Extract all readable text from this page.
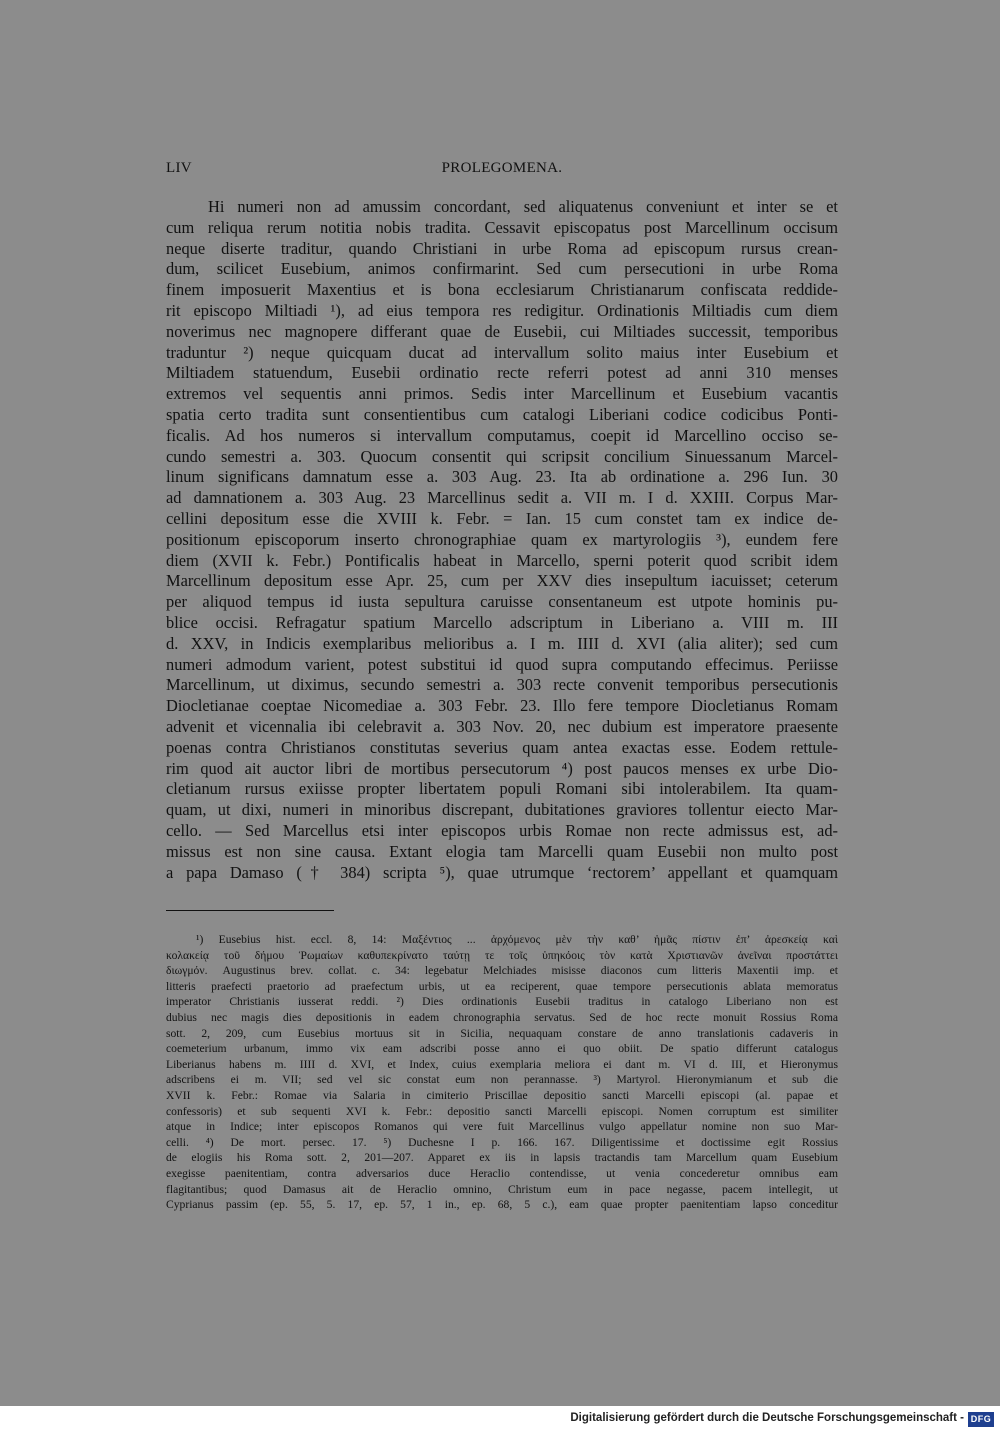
LIV	PROLEGOMENA.
Hi numeri non ad amussim concordant, sed aliquatenus conveniunt et inter se et
cum reliqua rerum notitia nobis tradita. Cessavit episcopatus post Marcellinum occisum
neque diserte traditur, quando Christiani in urbe Roma ad episcopum rursus crean-
dum, scilicet Eusebium, animos confirmarint. Sed cum persecutioni in urbe Roma
finem imposuerit Maxentius et is bona ecclesiarum Christianarum confiscata reddide-
rit episcopo Miltiadi ¹), ad eius tempora res redigitur. Ordinationis Miltiadis cum diem
noverimus nec magnopere differant quae de Eusebii, cui Miltiades successit, temporibus
traduntur ²) neque quicquam ducat ad intervallum solito maius inter Eusebium et
Miltiadem statuendum, Eusebii ordinatio recte referri potest ad anni 310 menses
extremos vel sequentis anni primos. Sedis inter Marcellinum et Eusebium vacantis
spatia certo tradita sunt consentientibus cum catalogi Liberiani codice codicibus Ponti-
ficalis. Ad hos numeros si intervallum computamus, coepit id Marcellino occiso se-
cundo semestri a. 303. Quocum consentit qui scripsit concilium Sinuessanum Marcel-
linum significans damnatum esse a. 303 Aug. 23. Ita ab ordinatione a. 296 Iun. 30
ad damnationem a. 303 Aug. 23 Marcellinus sedit a. VII m. I d. XXIII. Corpus Mar-
cellini depositum esse die XVIII k. Febr. = Ian. 15 cum constet tam ex indice de-
positionum episcoporum inserto chronographiae quam ex martyrologiis ³), eundem fere
diem (XVII k. Febr.) Pontificalis habeat in Marcello, sperni poterit quod scribit idem
Marcellinum depositum esse Apr. 25, cum per XXV dies insepultum iacuisset; ceterum
per aliquod tempus id iusta sepultura caruisse consentaneum est utpote hominis pu-
blice occisi. Refragatur spatium Marcello adscriptum in Liberiano a. VIII m. III
d. XXV, in Indicis exemplaribus melioribus a. I m. IIII d. XVI (alia aliter); sed cum
numeri admodum varient, potest substitui id quod supra computando effecimus. Periisse
Marcellinum, ut diximus, secundo semestri a. 303 recte convenit temporibus persecutionis
Diocletianae coeptae Nicomediae a. 303 Febr. 23. Illo fere tempore Diocletianus Romam
advenit et vicennalia ibi celebravit a. 303 Nov. 20, nec dubium est imperatore praesente
poenas contra Christianos constitutas severius quam antea exactas esse. Eodem rettule-
rim quod ait auctor libri de mortibus persecutorum ⁴) post paucos menses ex urbe Dio-
cletianum rursus exiisse propter libertatem populi Romani sibi intolerabilem. Ita quam-
quam, ut dixi, numeri in minoribus discrepant, dubitationes graviores tollentur eiecto Mar-
cello. — Sed Marcellus etsi inter episcopos urbis Romae non recte admissus est, ad-
missus est non sine causa. Extant elogia tam Marcelli quam Eusebii non multo post
a papa Damaso († 384) scripta ⁵), quae utrumque ‘rectorem’ appellant et quamquam
¹) Eusebius hist. eccl. 8, 14: Μαξέντιος ... ἀρχόμενος μὲν τὴν καθ’ ἡμᾶς πίστιν ἐπ’ ἀρεσκείᾳ καὶ
κολακείᾳ τοῦ δήμου Ῥωμαίων καθυπεκρίνατο ταύτῃ τε τοῖς ὑπηκόοις τὸν κατὰ Χριστιανῶν ἀνεῖναι προστάττει
διωγμόν. Augustinus brev. collat. c. 34: legebatur Melchiades misisse diaconos cum litteris Maxentii imp. et
litteris praefecti praetorio ad praefectum urbis, ut ea reciperent, quae tempore persecutionis ablata memoratus
imperator Christianis iusserat reddi. ²) Dies ordinationis Eusebii traditus in catalogo Liberiano non est
dubius nec magis dies depositionis in eadem chronographia servatus. Sed de hoc recte monuit Rossius Roma
sott. 2, 209, cum Eusebius mortuus sit in Sicilia, nequaquam constare de anno translationis cadaveris in
coemeterium urbanum, immo vix eam adscribi posse anno ei quo obiit. De spatio differunt catalogus
Liberianus habens m. IIII d. XVI, et Index, cuius exemplaria meliora ei dant m. VI d. III, et Hieronymus
adscribens ei m. VII; sed vel sic constat eum non perannasse. ³) Martyrol. Hieronymianum et sub die
XVII k. Febr.: Romae via Salaria in cimiterio Priscillae depositio sancti Marcelli episcopi (al. papae et
confessoris) et sub sequenti XVI k. Febr.: depositio sancti Marcelli episcopi. Nomen corruptum est similiter
atque in Indice; inter episcopos Romanos qui vere fuit Marcellinus vulgo appellatur nomine non suo Mar-
celli. ⁴) De mort. persec. 17. ⁵) Duchesne I p. 166. 167. Diligentissime et doctissime egit Rossius
de elogiis his Roma sott. 2, 201—207. Apparet ex iis in lapsis tractandis tam Marcellum quam Eusebium
exegisse paenitentiam, contra adversarios duce Heraclio contendisse, ut venia concederetur omnibus eam
flagitantibus; quod Damasus ait de Heraclio omnino, Christum eum in pace negasse, pacem intellegit, ut
Cyprianus passim (ep. 55, 5. 17, ep. 57, 1 in., ep. 68, 5 c.), eam quae propter paenitentiam lapso conceditur
Digitalisierung gefördert durch die Deutsche Forschungsgemeinschaft - DFG
